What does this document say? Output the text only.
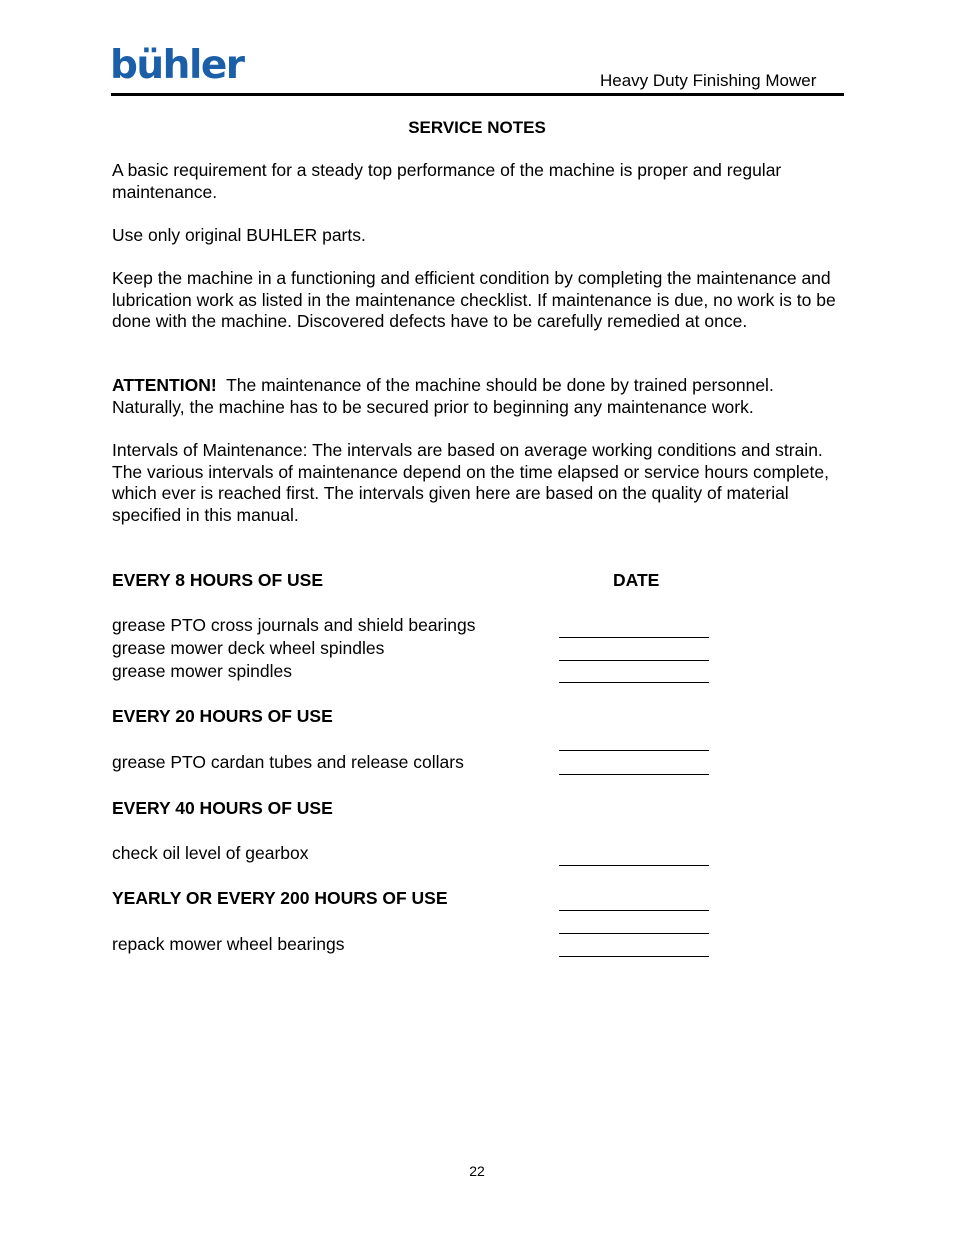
bühler	Heavy Duty Finishing Mower
SERVICE NOTES
A basic requirement for a steady top performance of the machine is proper and regular maintenance.
Use only original BUHLER parts.
Keep the machine in a functioning and efficient condition by completing the maintenance and lubrication work as listed in the maintenance checklist. If maintenance is due, no work is to be done with the machine. Discovered defects have to be carefully remedied at once.
ATTENTION!  The maintenance of the machine should be done by trained personnel.  Naturally, the machine has to be secured prior to beginning any maintenance work.
Intervals of Maintenance: The intervals are based on average working conditions and strain. The various intervals of maintenance depend on the time elapsed or service hours complete, which ever is reached first. The intervals given here are based on the quality of material specified in this manual.
EVERY 8 HOURS OF USE	DATE
grease PTO cross journals and shield bearings
grease mower deck wheel spindles
grease mower spindles
EVERY 20 HOURS OF USE
grease PTO cardan tubes and release collars
EVERY 40 HOURS OF USE
check oil level of gearbox
YEARLY OR EVERY 200 HOURS OF USE
repack mower wheel bearings
22
